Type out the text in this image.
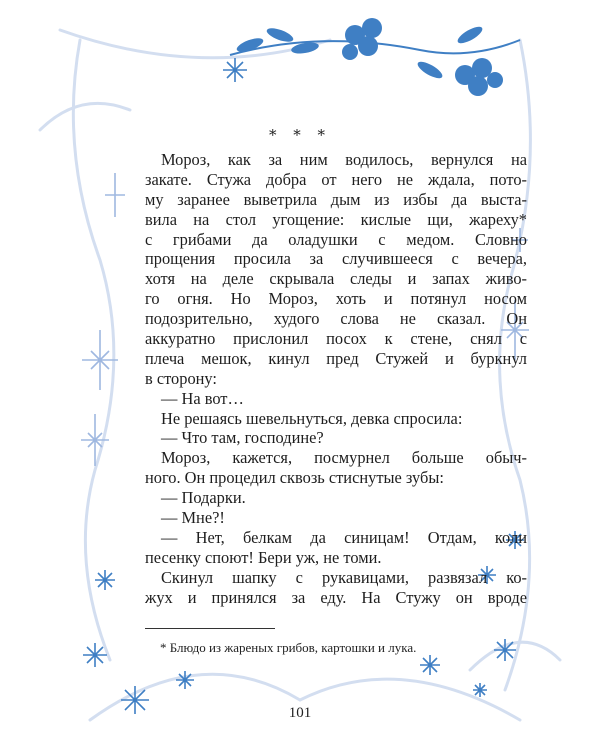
* * *
Мороз, как за ним водилось, вернулся на
закате. Стужа добра от него не ждала, пото-
му заранее выветрила дым из избы да выста-
вила на стол угощение: кислые щи, жареху*
с грибами да оладушки с медом. Словно
прощения просила за случившееся с вечера,
хотя на деле скрывала следы и запах живо-
го огня. Но Мороз, хоть и потянул носом
подозрительно, худого слова не сказал. Он
аккуратно прислонил посох к стене, снял с
плеча мешок, кинул пред Стужей и буркнул
в сторону:
— На вот…
Не решаясь шевельнуться, девка спросила:
— Что там, господине?
Мороз, кажется, посмурнел больше обыч-
ного. Он процедил сквозь стиснутые зубы:
— Подарки.
— Мне?!
— Нет, белкам да синицам! Отдам, коли
песенку споют! Бери уж, не томи.
Скинул шапку с рукавицами, развязал ко-
жух и принялся за еду. На Стужу он вроде
* Блюдо из жареных грибов, картошки и лука.
101
